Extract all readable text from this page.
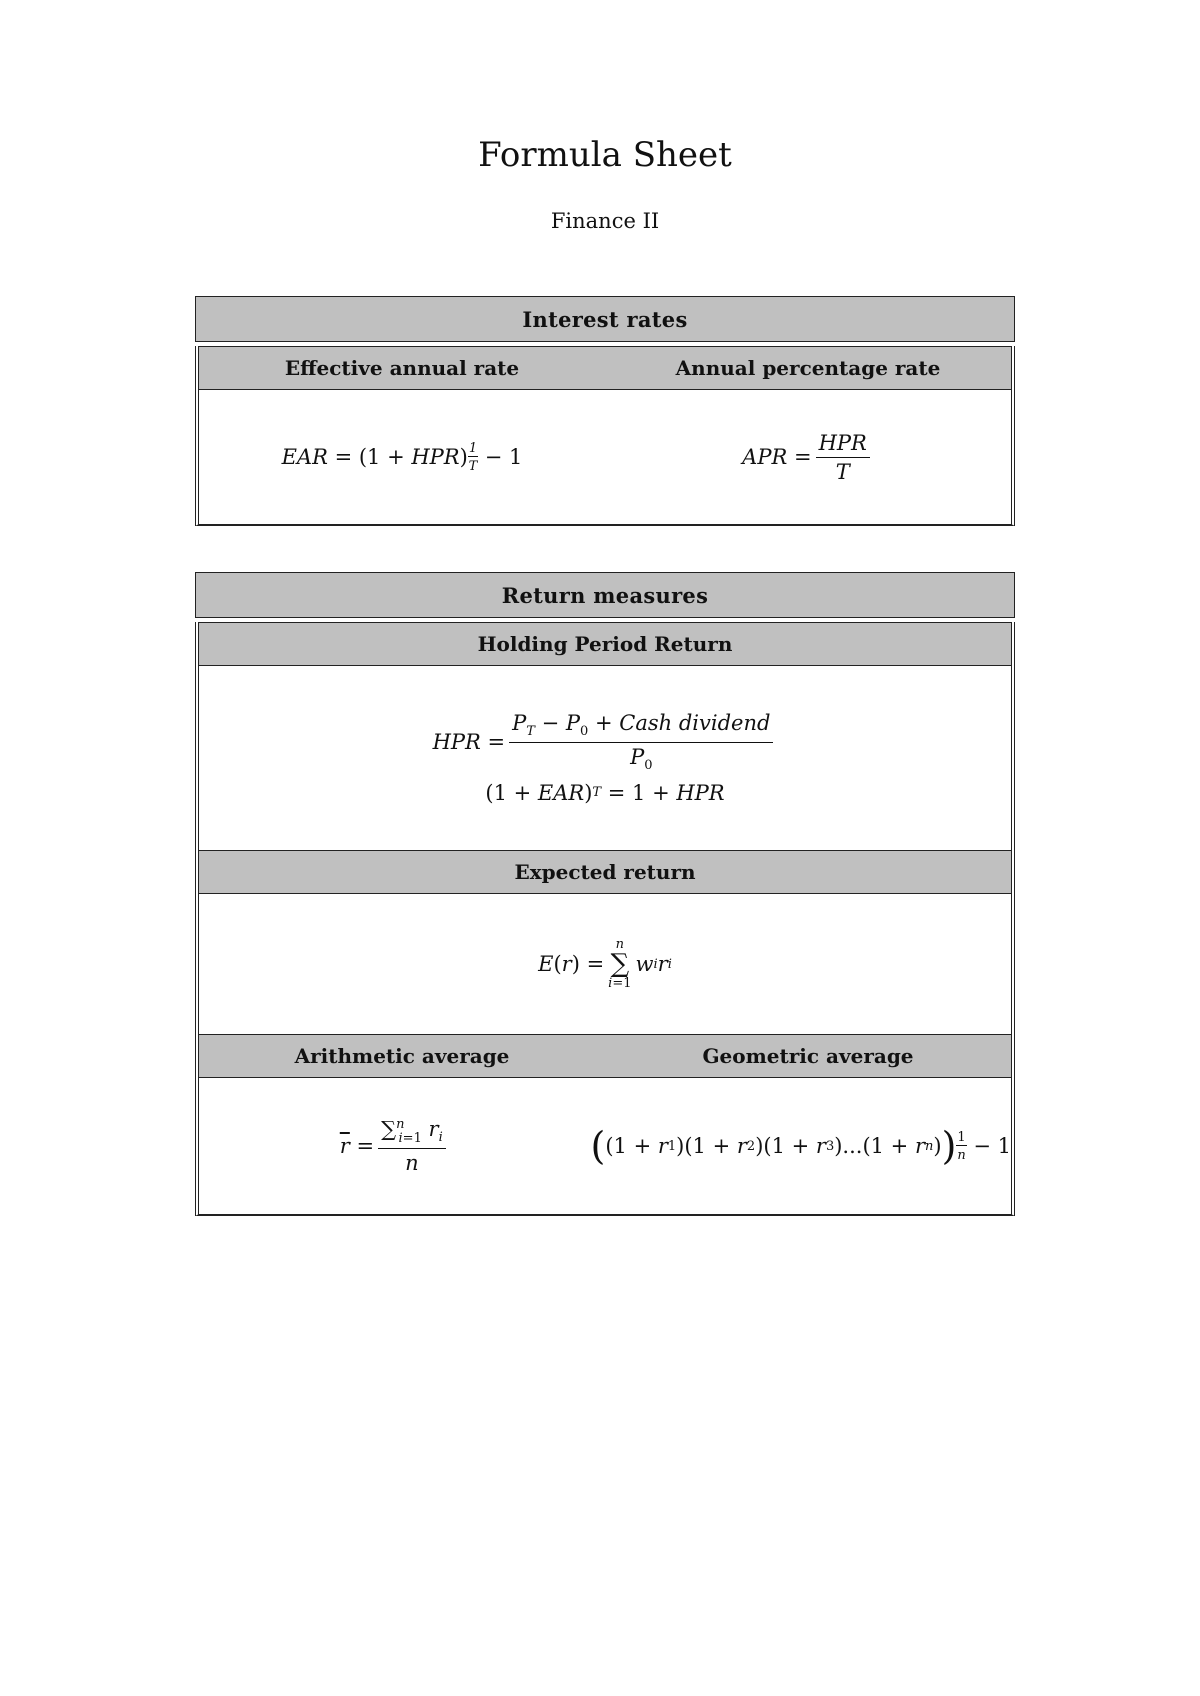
Formula Sheet
Finance II
Interest rates
Effective annual rate	Annual percentage rate
EAR = (1 + HPR ) $\frac{1}{T} - 1$	APR = $\frac{\text{HPR}}{T}$
Return measures
Holding Period Return
HPR = $\frac{P_T - P_0 + Cash dividend}{P_0}$
(1 + EAR ) T
= 1 + HPR
Expected return
E ( r ) =
n
∑
i=1
w i r i
Arithmetic average	Geometric average
$\overline{r}$
= $\frac{\sum^n_{i=1} r_i}{n}$	( (1 + r 1 )(1 + r 2 )(1 + r 3 )...(1 + r n ) ) $\frac{1}{n} - 1$
